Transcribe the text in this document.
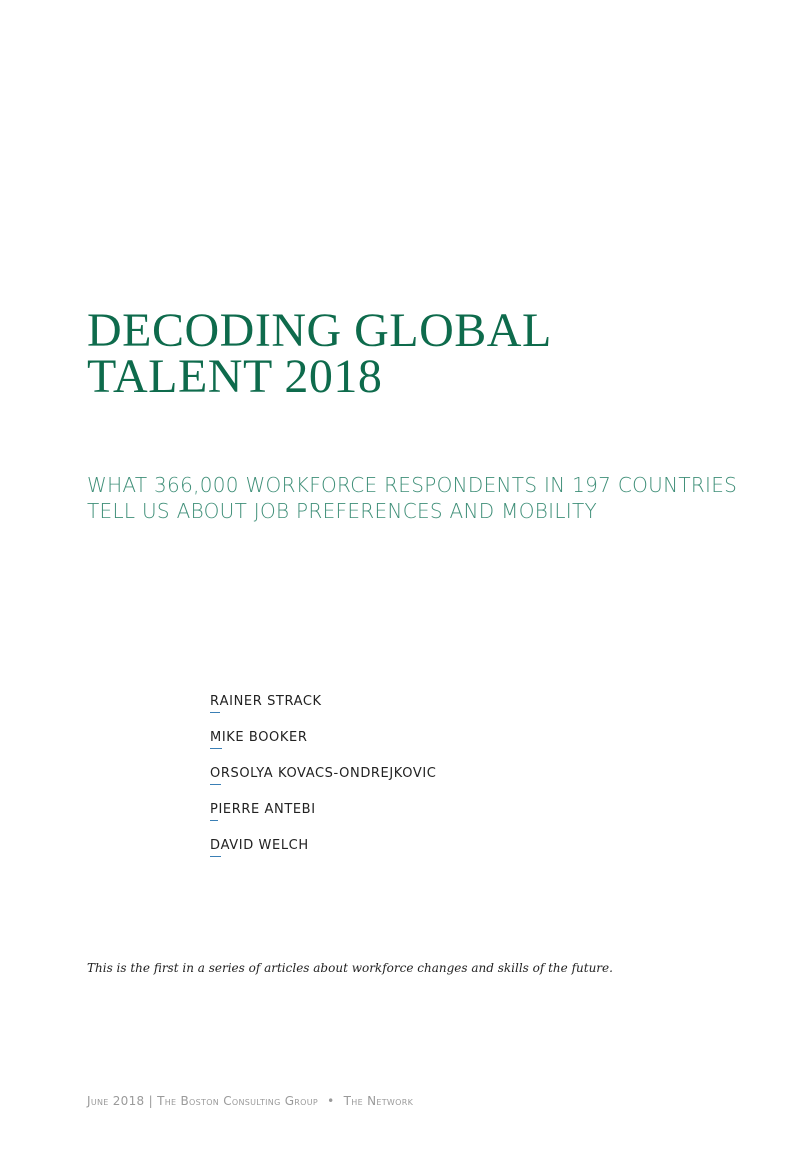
DECODING GLOBAL
TALENT 2018
WHAT 366,000 WORKFORCE RESPONDENTS IN 197 COUNTRIES
TELL US ABOUT JOB PREFERENCES AND MOBILITY
RAINER STRACK
MIKE BOOKER
ORSOLYA KOVACS-ONDREJKOVIC
PIERRE ANTEBI
DAVID WELCH

This is the first in a series of articles about workforce changes and skills of the future.

June 2018 | The Boston Consulting Group • The Network
